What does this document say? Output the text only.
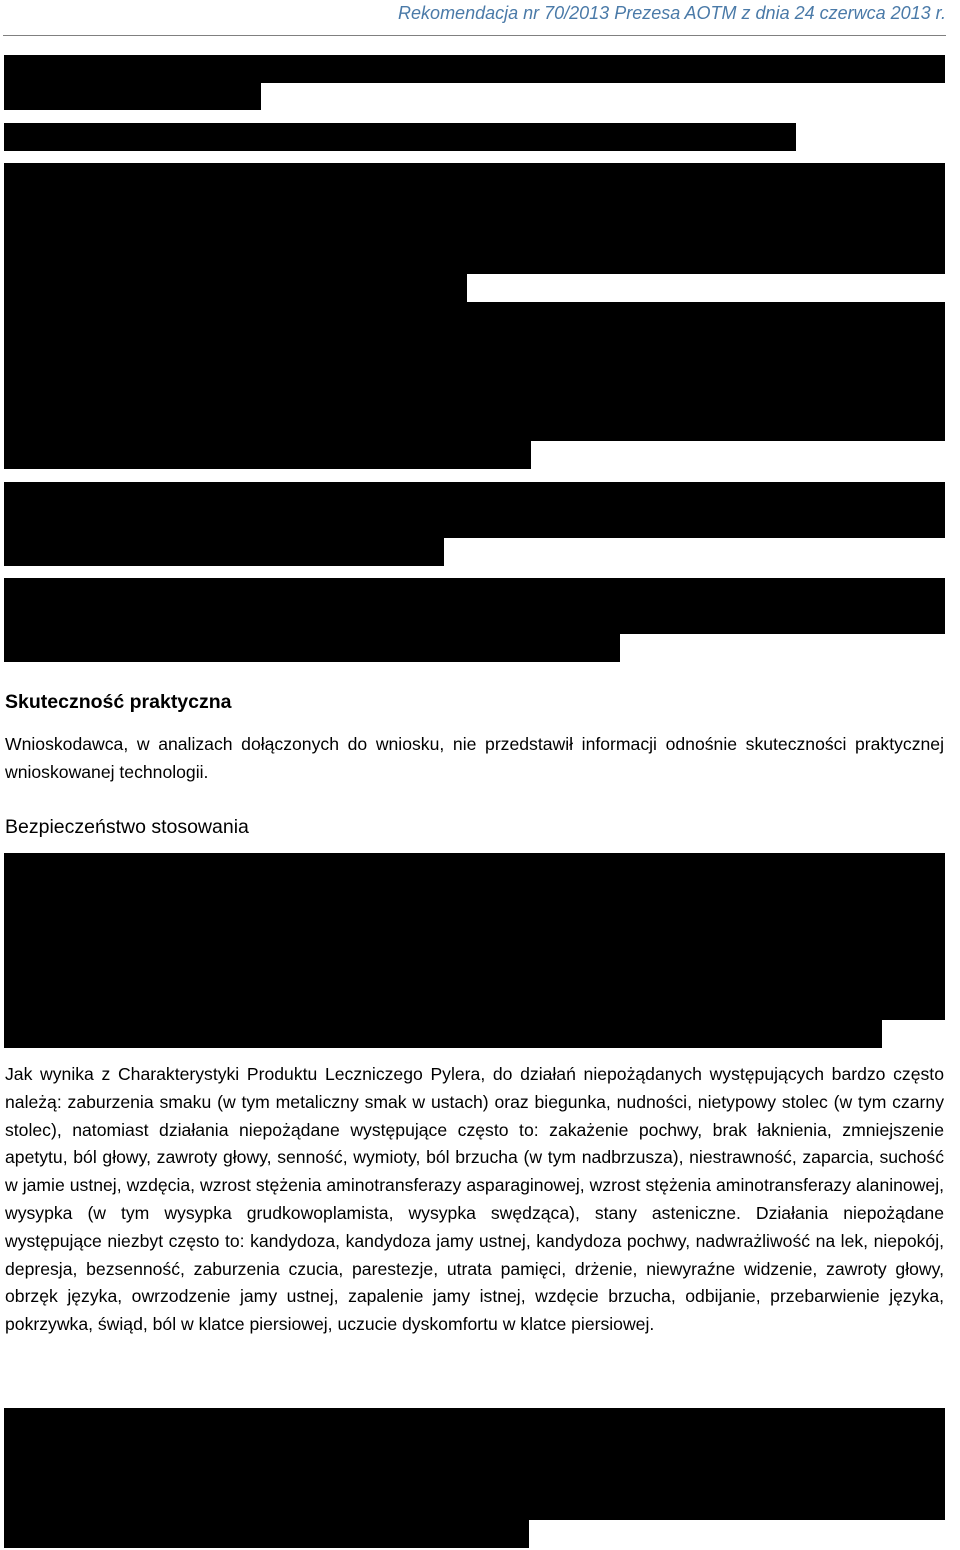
Rekomendacja nr 70/2013 Prezesa AOTM z dnia 24 czerwca 2013 r.
Skuteczność praktyczna

Wnioskodawca, w analizach dołączonych do wniosku, nie przedstawił informacji odnośnie skuteczności praktycznej wnioskowanej technologii.

Bezpieczeństwo stosowania

Jak wynika z Charakterystyki Produktu Leczniczego Pylera, do działań niepożądanych występujących bardzo często należą: zaburzenia smaku (w tym metaliczny smak w ustach) oraz biegunka, nudności, nietypowy stolec (w tym czarny stolec), natomiast działania niepożądane występujące często to: zakażenie pochwy, brak łaknienia, zmniejszenie apetytu, ból głowy, zawroty głowy, senność, wymioty, ból brzucha (w tym nadbrzusza), niestrawność, zaparcia, suchość w jamie ustnej, wzdęcia, wzrost stężenia aminotransferazy asparaginowej, wzrost stężenia aminotransferazy alaninowej, wysypka (w tym wysypka grudkowoplamista, wysypka swędząca), stany asteniczne. Działania niepożądane występujące niezbyt często to: kandydoza, kandydoza jamy ustnej, kandydoza pochwy, nadwrażliwość na lek, niepokój, depresja, bezsenność, zaburzenia czucia, parestezje, utrata pamięci, drżenie, niewyraźne widzenie, zawroty głowy, obrzęk języka, owrzodzenie jamy ustnej, zapalenie jamy istnej, wzdęcie brzucha, odbijanie, przebarwienie języka, pokrzywka, świąd, ból w klatce piersiowej, uczucie dyskomfortu w klatce piersiowej.
